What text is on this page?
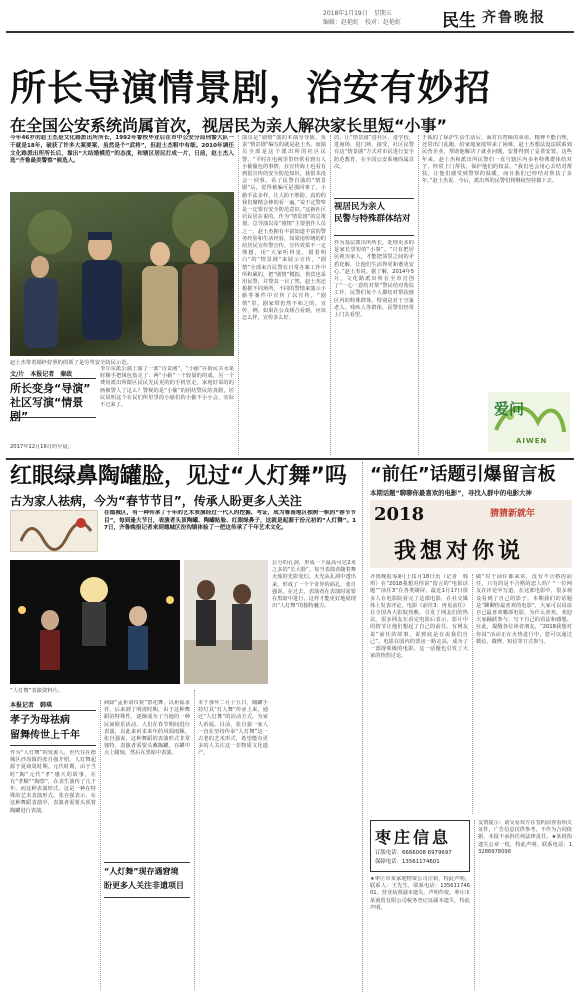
2018年1月19日　星期五
编辑：赵艳虹　校对：赵艳虹 民生 齐鲁晚报
所长导演情景剧，治安有妙招
在全国公安系统尚属首次，视居民为亲人解决家长里短“小事”
今年46岁的赵士杰是文化路派出所所长，1992年警校毕业后在市中公安分局刑警大队一干就是18年，破获了许多大案要案，虽然是个“武将”，但赵士杰粗中有细。2010年调任文化路派出所所长后，靠出“大结婚模范”的态度，和辖区居民打成一片，日前，赵士杰入选“齐鲁最美警察”候选人。
赵士杰带着婚纱好照的的领了是劳驾安全防民示范。
文/片　本报记者　秦政
所长变身“导演”
社区写演“情景剧”
2017年12月16日的早晨，
李庄东派公演上演了一部“诗景剧”，“小偷”在街民买水果时顺手把钱包盗走了：两“小偷”一个较量的的戏。另一个费用派出所限区民民先民更的的手机管走，家庭好采的的画被警人了这么？警视的是“小偷”的团结警民的真假，居民说明这个在民们所里里的小偷们的小偷不小小会，实际不过来了。
演员是“剧情”演的本演导导致，负责“情景剧”编写的就是赵士杰，而演员全部是这个派出所的社区民警。“平时在电视里里经常看到有人小偷偷包的事情，在宣传海上也看有到很宣传的安全防范知识，我很本没会一回事。看了民警自演的“情景剧”后，觉得被骗可是那回事了，小偷手法多样，让人防不胜防。真的的我们聚精会神的看一遍。”说不定警察是一定要有安全防范意识。”这新社区居民居在说的。作为“情景剧”的总策划、总导演以及“剧情”主要创作人员之一，赵士杰拥有丰富知道丰富的警务经验和生活经验，如果用传统的的给居民宣传警宣传，宣传效果不一定理想，用“大家听得见，摸着明白”的“情景剧”来展示宣传，“剧情”全部来自民警在日常办案工作中所积累的，把“剧情”模拟，鲁宾也采用民警，并警其一目了然，赵士杰还根据不同场所，不同的警情来演示小偷等案件中宣传了以宣传，“剧情”里。剧家带仍然不和之的，宣传，例。如果在公众场合看到，应该怎么样，宣传多么好。
的，让“情景剧”进社区、进学校、进商场，进门场，接受，社区民警有这“情景剧”方式对市民进行安全防范教育，在全国公安系统尚属首次。
视居民为亲人
民警与特殊群体结对
作为基层派出所所长，处理更多的是家长里短的“小事”。“只有把居民视为家人，才能把邻里之间的矛盾化解，让他们生活得更和谐更安心。”赵士杰说。据了解，2014年5月，文化路派出所在全市首创了“一心一意结对帮”警民结对帮扶工作，民警们每个人都结对帮扶辖区内的特殊群体，特别是对于空巢老人、残疾人等群体，民警们经常上门去看望。
于孤的了保护生活生活后，面对有智障的弟弟，精神不能自理，还常出门乱跑，给家庭家庭带来了困难。赵士杰想法设法联系到民营企业，帮助他解决了就业问题，安排得到了妥善安置。这些年来，赵士杰和派出所民警们一直与辖区内多名特殊群体结对子，经常上门帮扶，保护他们的权益。“我们也会用心去结对帮扶，让他们感受到警察的温暖，而且我们已经结对帮扶了多年。”赵士杰说。今后，派出所的民警们将继续坚持做下去。
爱问
AIWEN
红眼绿鼻陶罐脸，见过“人灯舞”吗
古为家人祛病，今为“春节节目”，传承人盼更多人关注
在德城区，有一种传承了千年的艺术表演经过一代人的挖掘、考证，成为鲁南地区独树一帜的“春节节目”，每到逢大节日，表演者头顶陶罐、陶罐贴脸、红眼绿鼻子，这就是起源于汾元初的“人灯舞”。17日，齐鲁晚报记者来到德城区汾沟镇体验了一把这传承了千年艺术文化。
“人灯舞”表演资料片。
本报记者　韩琪
孝子为母祛病
留舞传世上千年
作为“人灯舞”的发源人，世代住在德城区沙沟镇的张自强介绍，人灯舞起源于夏商周时期。元代时期，由于当时“陶”元代“孝”感天的故事，在有“孝顺”“陶祭”，在表生演传了几千年。而这种表演形式，这是一种在特殊的艺术表演形式。张自强表示，在这种舞蹈表演中，表演者需要头顶着陶罐进行表演。
病降“孟祈请仪祝”祭祀舞，以祈福求祥。后来到了明清时期，由于这种舞蹈的特殊性，逐渐成为了当地的一种民间娱乐活动。人们在春节期间进行表演，以此来祈求来年的风调雨顺。张自强说，这种舞蹈的表演形式非常独特，表演者需要头戴陶罐，在罐中点上蜡烛，然后在黑暗中表演。
“人灯舞”现存遇窘境
盼更多人关注非遗项目
公分的孔洞，形成一个最高可达2米之多的“长大脸”。每当表演者随着舞火烛的光影变幻。火光从孔洞中透出来，形成了一个个奇异的面孔。张自强说，在过去，表演者在表演时需要在黑暗中进行，这样才能更好地展现出“人灯舞”的独特魅力。
本于那年二月十五日，陶罐手持灯具“灯人舞”传承上来，通过“人灯舞”的活动方式，为家人祈福。目前，张自强一家人一直在坚持传承“人灯舞”这一古老的艺术形式，希望能有更多的人关注这一非物质文化遗产。
“前任”话题引爆留言板
本期话题“聊聊你最喜欢的电影”，寻找人群中的电影大神
2018	猜猜新就年
我想对你说
齐鲁晚报零距(上)1月18日讯（记者　韩琪）在“2018我想对你说”留言的“电影话题”“前任3”在各类刷屏，最近1月17日很多人在电影院看完了这部电影，在社交媒体上发表评论。电影《前任3：再见前任》在全国各大影院热映，引发了网友们的热议。很多网友在看完电影后表示，影片中的情节让他们想起了自己的前任。有网友说“前任的故事，说到底是在说我们自己”。电影在国内的票房一路走高，成为了一部现象级的电影。这一话题也引发了大家的热烈讨论。
做“对于前任都来讲，没有不合格的前任，只有的是不合格的恋人吗？”一位网友在评论中写道。在这部电影中，很多观众看到了自己的影子。本期我们的话题是“聊聊你最喜欢的电影”，大家可以说说自己最喜欢哪部电影，为什么喜欢。欢迎大家踊跃参与，写下自己的看法和感想。在此，提醒各位读者朋友，“2018我想对你说”活动正在火热进行中，您可以通过微信、微博、短信等方式参与。
枣庄信息
订版电话：6666008 6979697
保障电话：13561174601
★枣庄市某家庭物资公司注销，特此声明。联系人：王先生，联系电话：13561174601。营业执照副本遗失，声明作废。枣庄市某商贸有限公司税务登记证副本遗失，特此声明。
友情提示：请交易双方在签约前查看相关证件，广告信息仅供参考，不作为合同依据，本报不承担任何法律责任。★某机构遗失公章一枚，特此声明。联系电话：13288978098
